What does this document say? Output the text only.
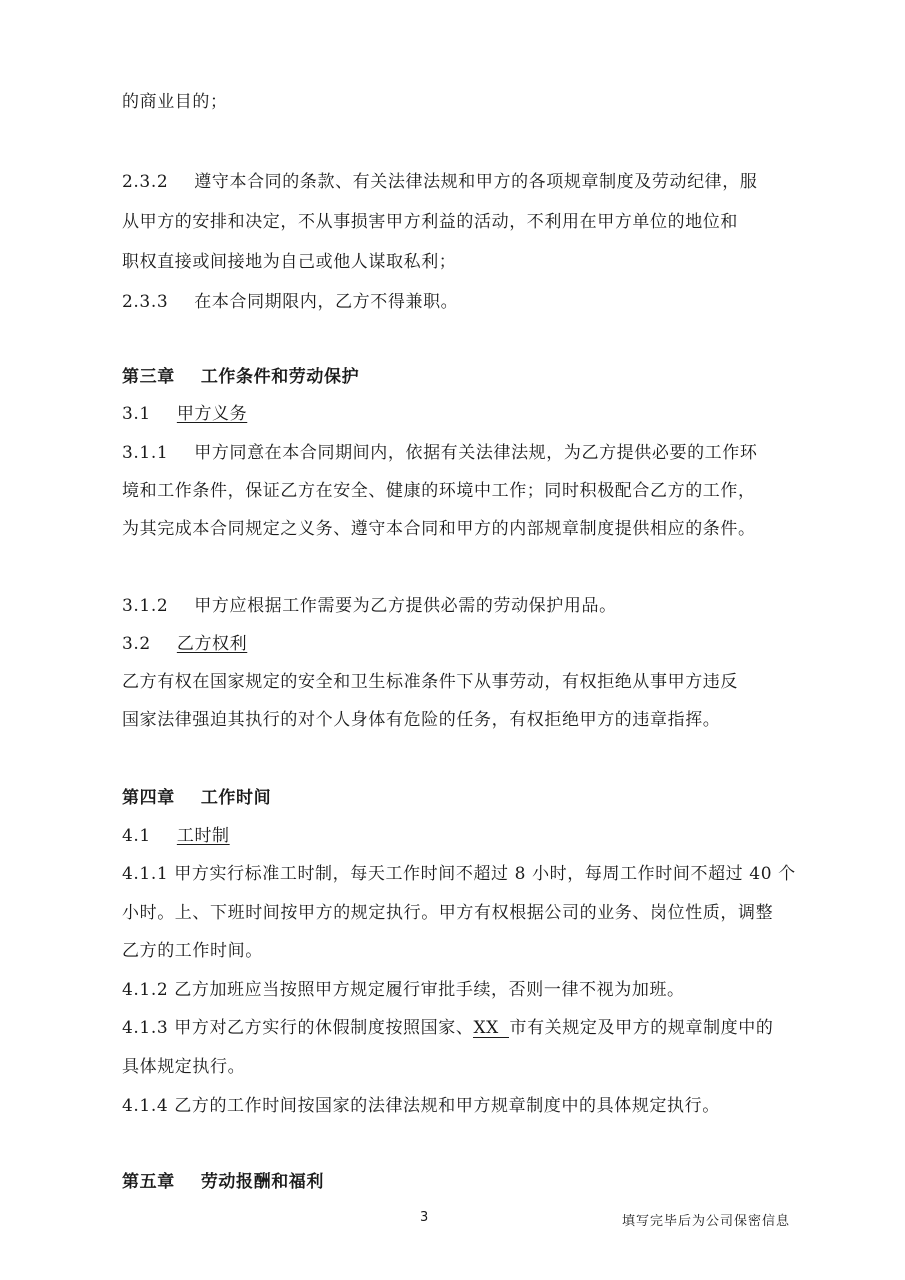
的商业目的；
2.3.2 遵守本合同的条款、有关法律法规和甲方的各项规章制度及劳动纪律，服
从甲方的安排和决定，不从事损害甲方利益的活动，不利用在甲方单位的地位和
职权直接或间接地为自己或他人谋取私利；
2.3.3 在本合同期限内，乙方不得兼职。
第三章 工作条件和劳动保护
3.1 甲方义务
3.1.1 甲方同意在本合同期间内，依据有关法律法规，为乙方提供必要的工作环
境和工作条件，保证乙方在安全、健康的环境中工作；同时积极配合乙方的工作，
为其完成本合同规定之义务、遵守本合同和甲方的内部规章制度提供相应的条件。
3.1.2 甲方应根据工作需要为乙方提供必需的劳动保护用品。
3.2 乙方权利
乙方有权在国家规定的安全和卫生标准条件下从事劳动，有权拒绝从事甲方违反
国家法律强迫其执行的对个人身体有危险的任务，有权拒绝甲方的违章指挥。
第四章 工作时间
4.1 工时制
4.1.1 甲方实行标准工时制，每天工作时间不超过 8 小时，每周工作时间不超过 40 个
小时。上、下班时间按甲方的规定执行。甲方有权根据公司的业务、岗位性质，调整
乙方的工作时间。
4.1.2 乙方加班应当按照甲方规定履行审批手续，否则一律不视为加班。
4.1.3 甲方对乙方实行的休假制度按照国家、XX 市有关规定及甲方的规章制度中的
具体规定执行。
4.1.4 乙方的工作时间按国家的法律法规和甲方规章制度中的具体规定执行。
第五章 劳动报酬和福利
3	填写完毕后为公司保密信息
